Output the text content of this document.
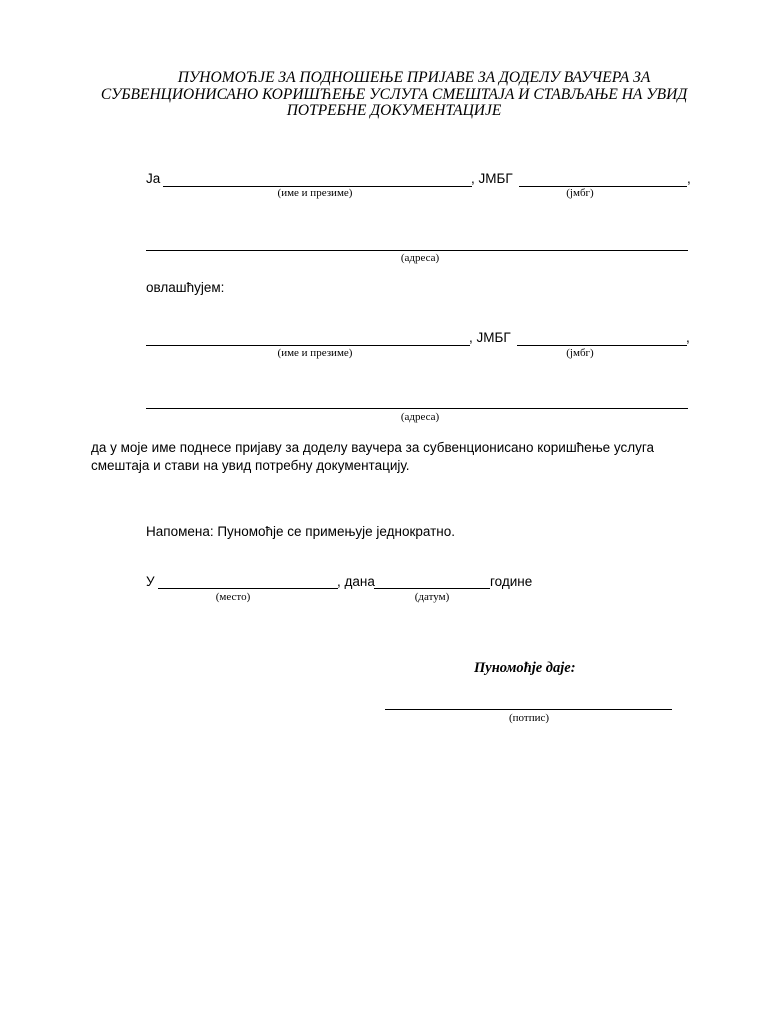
ПУНОМОЋЈЕ ЗА ПОДНОШЕЊЕ ПРИЈАВЕ ЗА ДОДЕЛУ ВАУЧЕРА ЗА
СУБВЕНЦИОНИСАНО КОРИШЋЕЊЕ УСЛУГА СМЕШТАЈА И СТАВЉАЊЕ НА УВИД
ПОТРЕБНЕ ДОКУМЕНТАЦИЈЕ
Ја	, ЈМБГ	,
(име и презиме)	(јмбг)
(адреса)
овлашћујем:
, ЈМБГ	,
(име и презиме)	(јмбг)
(адреса)
да у моје име поднесе пријаву за доделу ваучера за субвенционисано коришћење услуга
смештаја и стави на увид потребну документацију.
Напомена: Пуномоћје се примењује једнократно.
У	, дана	године
(место)	(датум)
Пуномоћје даје:
(потпис)
